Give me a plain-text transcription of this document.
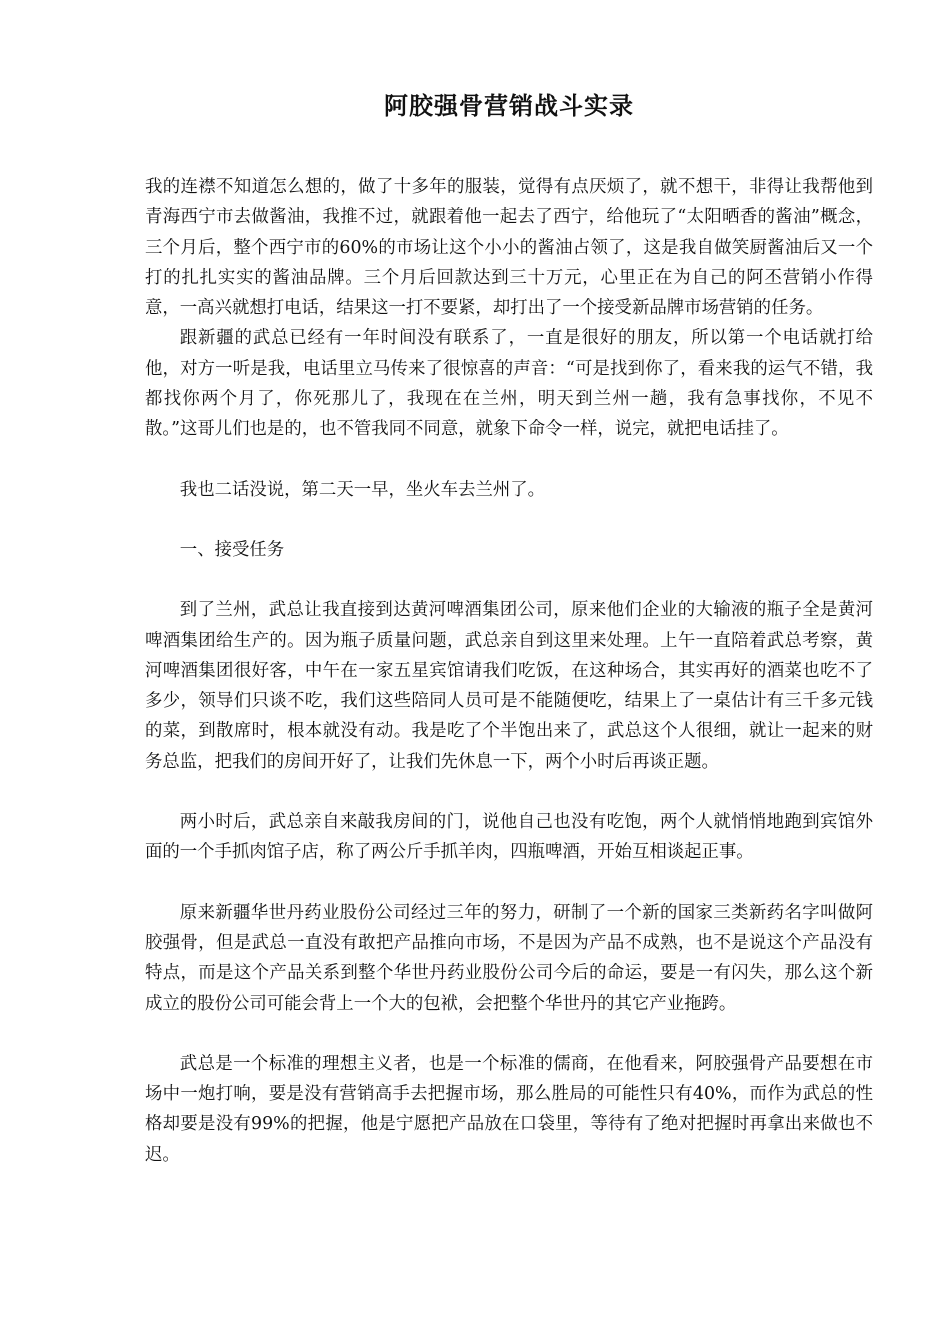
阿胶强骨营销战斗实录

我的连襟不知道怎么想的，做了十多年的服装，觉得有点厌烦了，就不想干，非得让我帮他到青海西宁市去做酱油，我推不过，就跟着他一起去了西宁，给他玩了“太阳晒香的酱油”概念，三个月后，整个西宁市的60%的市场让这个小小的酱油占领了，这是我自做笑厨酱油后又一个打的扎扎实实的酱油品牌。三个月后回款达到三十万元，心里正在为自己的阿丕营销小作得意，一高兴就想打电话，结果这一打不要紧，却打出了一个接受新品牌市场营销的任务。

跟新疆的武总已经有一年时间没有联系了，一直是很好的朋友，所以第一个电话就打给他，对方一听是我，电话里立马传来了很惊喜的声音：“可是找到你了，看来我的运气不错，我都找你两个月了，你死那儿了，我现在在兰州，明天到兰州一趟，我有急事找你，不见不散。”这哥儿们也是的，也不管我同不同意，就象下命令一样，说完，就把电话挂了。

我也二话没说，第二天一早，坐火车去兰州了。

一、接受任务

到了兰州，武总让我直接到达黄河啤酒集团公司，原来他们企业的大输液的瓶子全是黄河啤酒集团给生产的。因为瓶子质量问题，武总亲自到这里来处理。上午一直陪着武总考察，黄河啤酒集团很好客，中午在一家五星宾馆请我们吃饭，在这种场合，其实再好的酒菜也吃不了多少，领导们只谈不吃，我们这些陪同人员可是不能随便吃，结果上了一桌估计有三千多元钱的菜，到散席时，根本就没有动。我是吃了个半饱出来了，武总这个人很细，就让一起来的财务总监，把我们的房间开好了，让我们先休息一下，两个小时后再谈正题。

两小时后，武总亲自来敲我房间的门，说他自己也没有吃饱，两个人就悄悄地跑到宾馆外面的一个手抓肉馆子店，称了两公斤手抓羊肉，四瓶啤酒，开始互相谈起正事。

原来新疆华世丹药业股份公司经过三年的努力，研制了一个新的国家三类新药名字叫做阿胶强骨，但是武总一直没有敢把产品推向市场，不是因为产品不成熟，也不是说这个产品没有特点，而是这个产品关系到整个华世丹药业股份公司今后的命运，要是一有闪失，那么这个新成立的股份公司可能会背上一个大的包袱，会把整个华世丹的其它产业拖跨。

武总是一个标准的理想主义者，也是一个标准的儒商，在他看来，阿胶强骨产品要想在市场中一炮打响，要是没有营销高手去把握市场，那么胜局的可能性只有40%，而作为武总的性格却要是没有99%的把握，他是宁愿把产品放在口袋里，等待有了绝对把握时再拿出来做也不迟。
